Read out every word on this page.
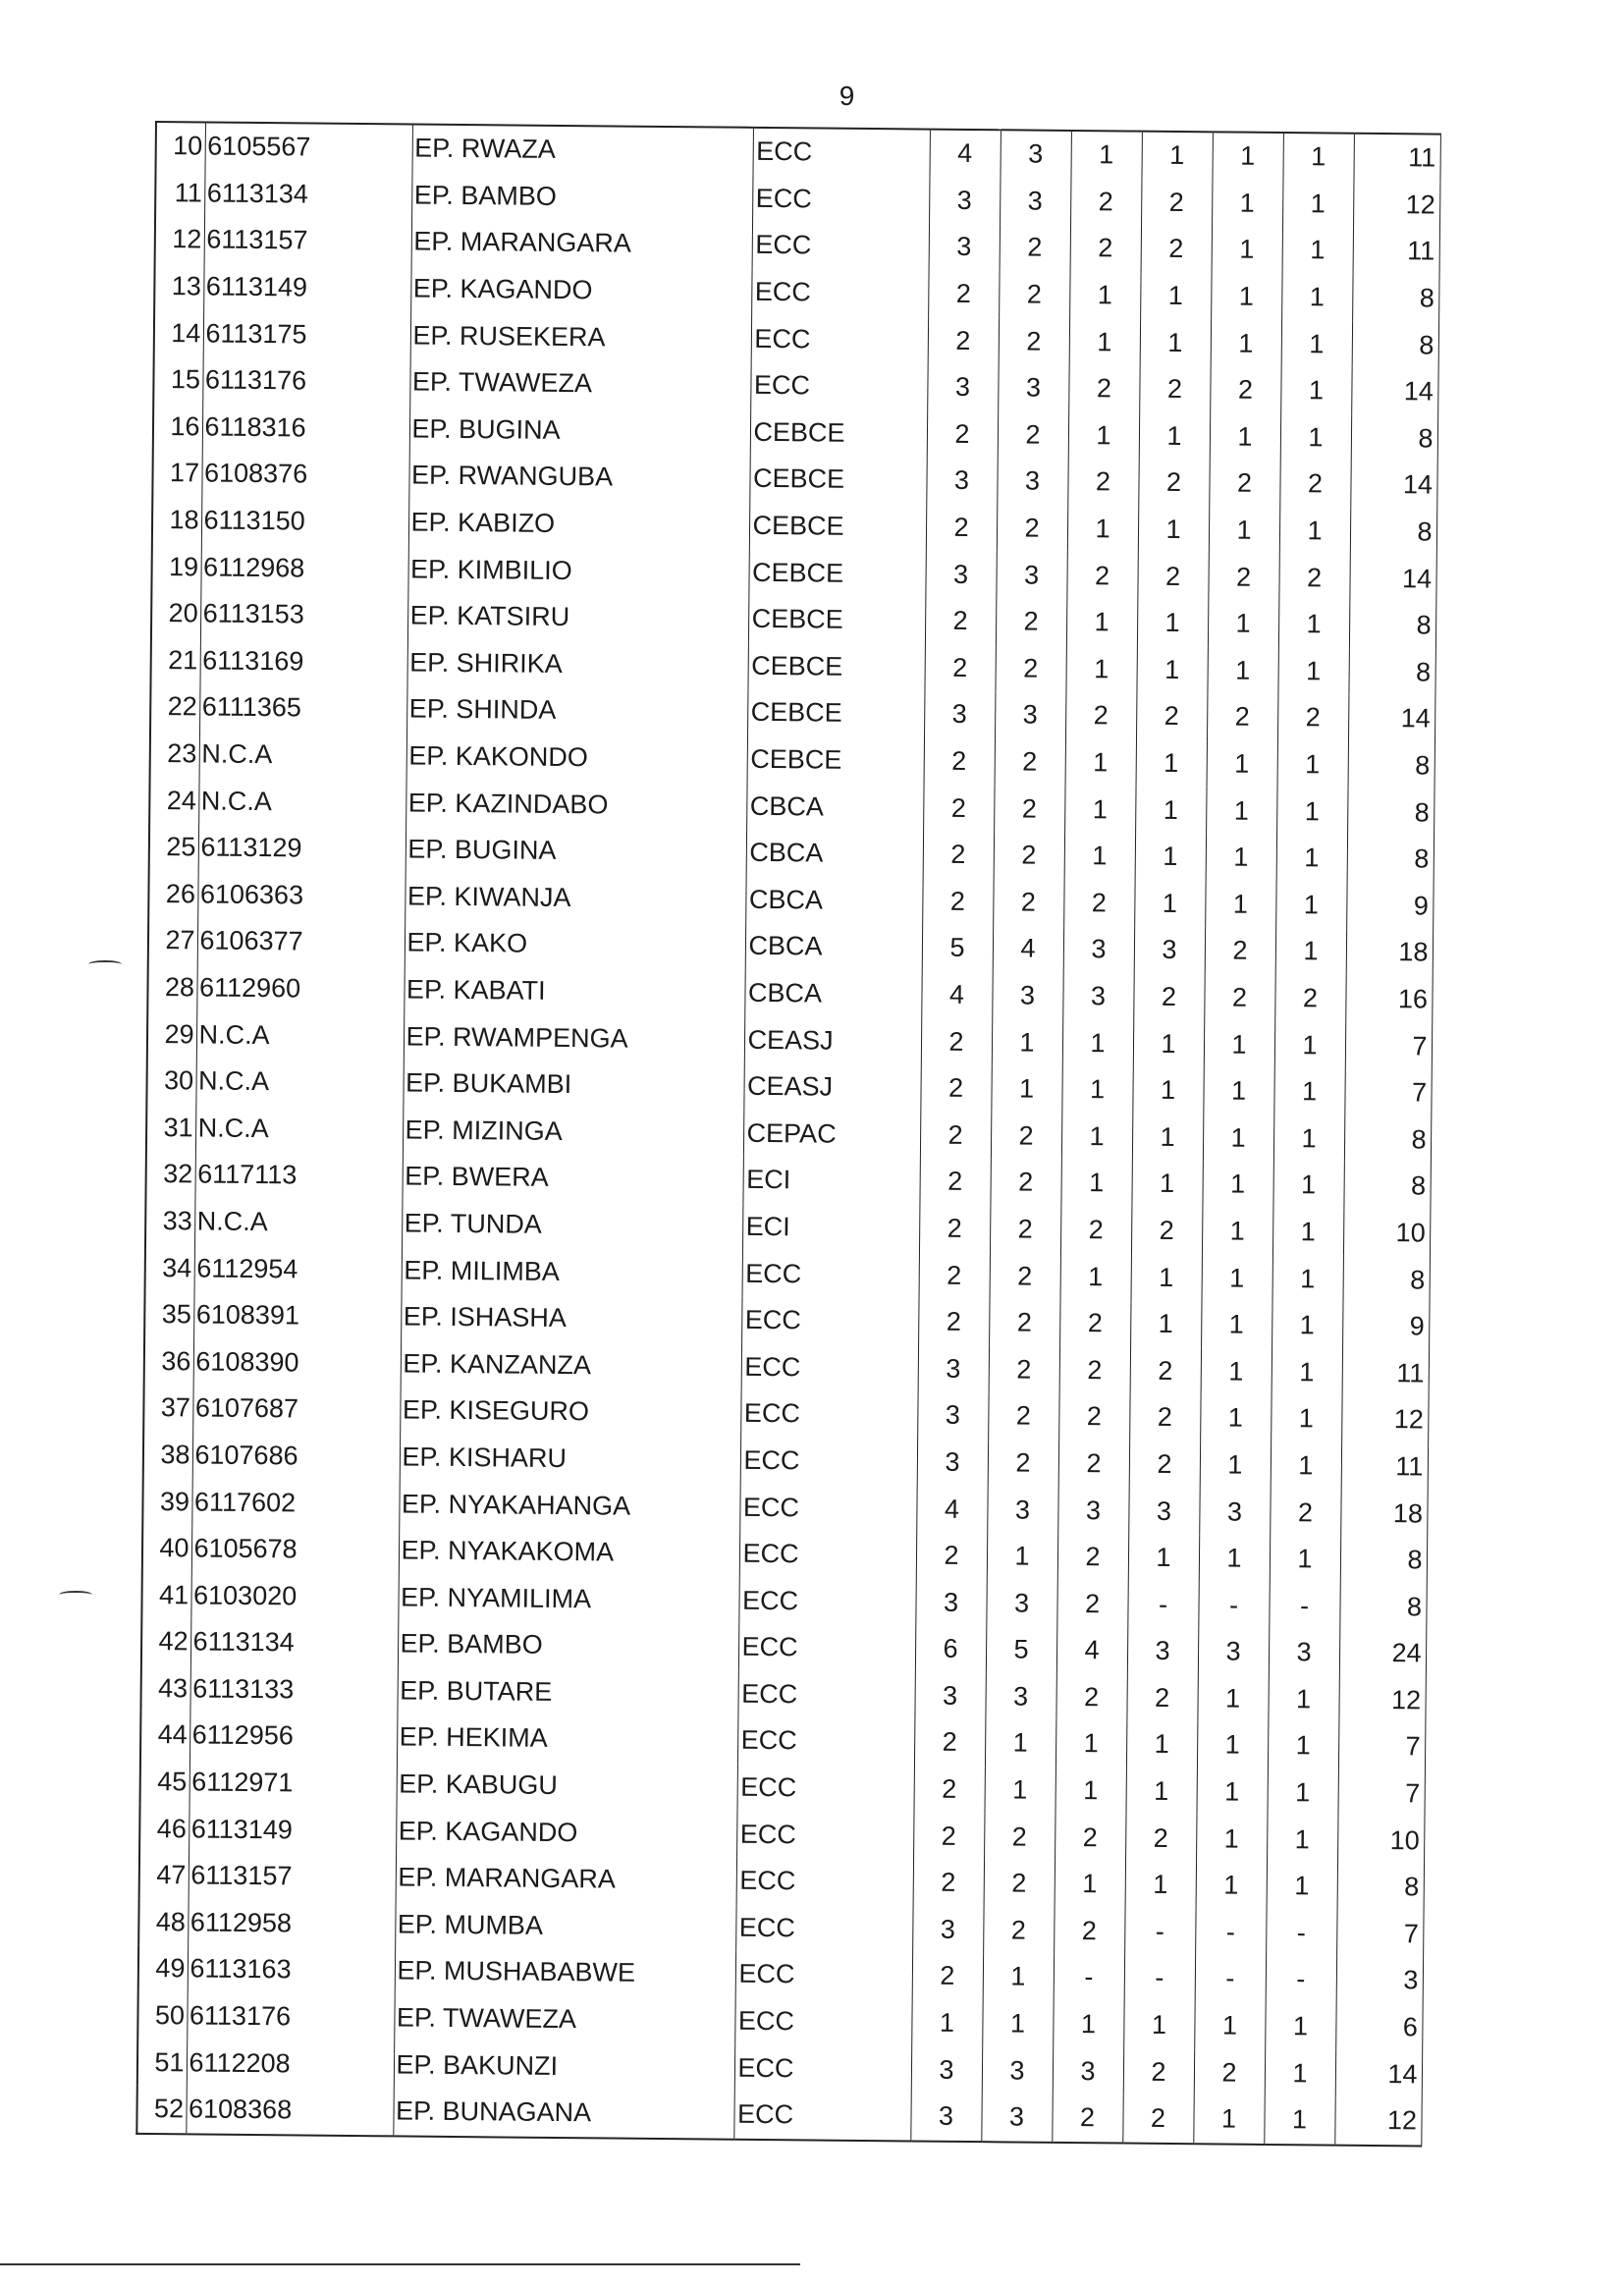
9
10	6105567	EP. RWAZA	ECC	4	3	1	1	1	1	11
11	6113134	EP. BAMBO	ECC	3	3	2	2	1	1	12
12	6113157	EP. MARANGARA	ECC	3	2	2	2	1	1	11
13	6113149	EP. KAGANDO	ECC	2	2	1	1	1	1	8
14	6113175	EP. RUSEKERA	ECC	2	2	1	1	1	1	8
15	6113176	EP. TWAWEZA	ECC	3	3	2	2	2	1	14
16	6118316	EP. BUGINA	CEBCE	2	2	1	1	1	1	8
17	6108376	EP. RWANGUBA	CEBCE	3	3	2	2	2	2	14
18	6113150	EP. KABIZO	CEBCE	2	2	1	1	1	1	8
19	6112968	EP. KIMBILIO	CEBCE	3	3	2	2	2	2	14
20	6113153	EP. KATSIRU	CEBCE	2	2	1	1	1	1	8
21	6113169	EP. SHIRIKA	CEBCE	2	2	1	1	1	1	8
22	6111365	EP. SHINDA	CEBCE	3	3	2	2	2	2	14
23	N.C.A	EP. KAKONDO	CEBCE	2	2	1	1	1	1	8
24	N.C.A	EP. KAZINDABO	CBCA	2	2	1	1	1	1	8
25	6113129	EP. BUGINA	CBCA	2	2	1	1	1	1	8
26	6106363	EP. KIWANJA	CBCA	2	2	2	1	1	1	9
27	6106377	EP. KAKO	CBCA	5	4	3	3	2	1	18
28	6112960	EP. KABATI	CBCA	4	3	3	2	2	2	16
29	N.C.A	EP. RWAMPENGA	CEASJ	2	1	1	1	1	1	7
30	N.C.A	EP. BUKAMBI	CEASJ	2	1	1	1	1	1	7
31	N.C.A	EP. MIZINGA	CEPAC	2	2	1	1	1	1	8
32	6117113	EP. BWERA	ECI	2	2	1	1	1	1	8
33	N.C.A	EP. TUNDA	ECI	2	2	2	2	1	1	10
34	6112954	EP. MILIMBA	ECC	2	2	1	1	1	1	8
35	6108391	EP. ISHASHA	ECC	2	2	2	1	1	1	9
36	6108390	EP. KANZANZA	ECC	3	2	2	2	1	1	11
37	6107687	EP. KISEGURO	ECC	3	2	2	2	1	1	12
38	6107686	EP. KISHARU	ECC	3	2	2	2	1	1	11
39	6117602	EP. NYAKAHANGA	ECC	4	3	3	3	3	2	18
40	6105678	EP. NYAKAKOMA	ECC	2	1	2	1	1	1	8
41	6103020	EP. NYAMILIMA	ECC	3	3	2	-	-	-	8
42	6113134	EP. BAMBO	ECC	6	5	4	3	3	3	24
43	6113133	EP. BUTARE	ECC	3	3	2	2	1	1	12
44	6112956	EP. HEKIMA	ECC	2	1	1	1	1	1	7
45	6112971	EP. KABUGU	ECC	2	1	1	1	1	1	7
46	6113149	EP. KAGANDO	ECC	2	2	2	2	1	1	10
47	6113157	EP. MARANGARA	ECC	2	2	1	1	1	1	8
48	6112958	EP. MUMBA	ECC	3	2	2	-	-	-	7
49	6113163	EP. MUSHABABWE	ECC	2	1	-	-	-	-	3
50	6113176	EP. TWAWEZA	ECC	1	1	1	1	1	1	6
51	6112208	EP. BAKUNZI	ECC	3	3	3	2	2	1	14
52	6108368	EP. BUNAGANA	ECC	3	3	2	2	1	1	12
